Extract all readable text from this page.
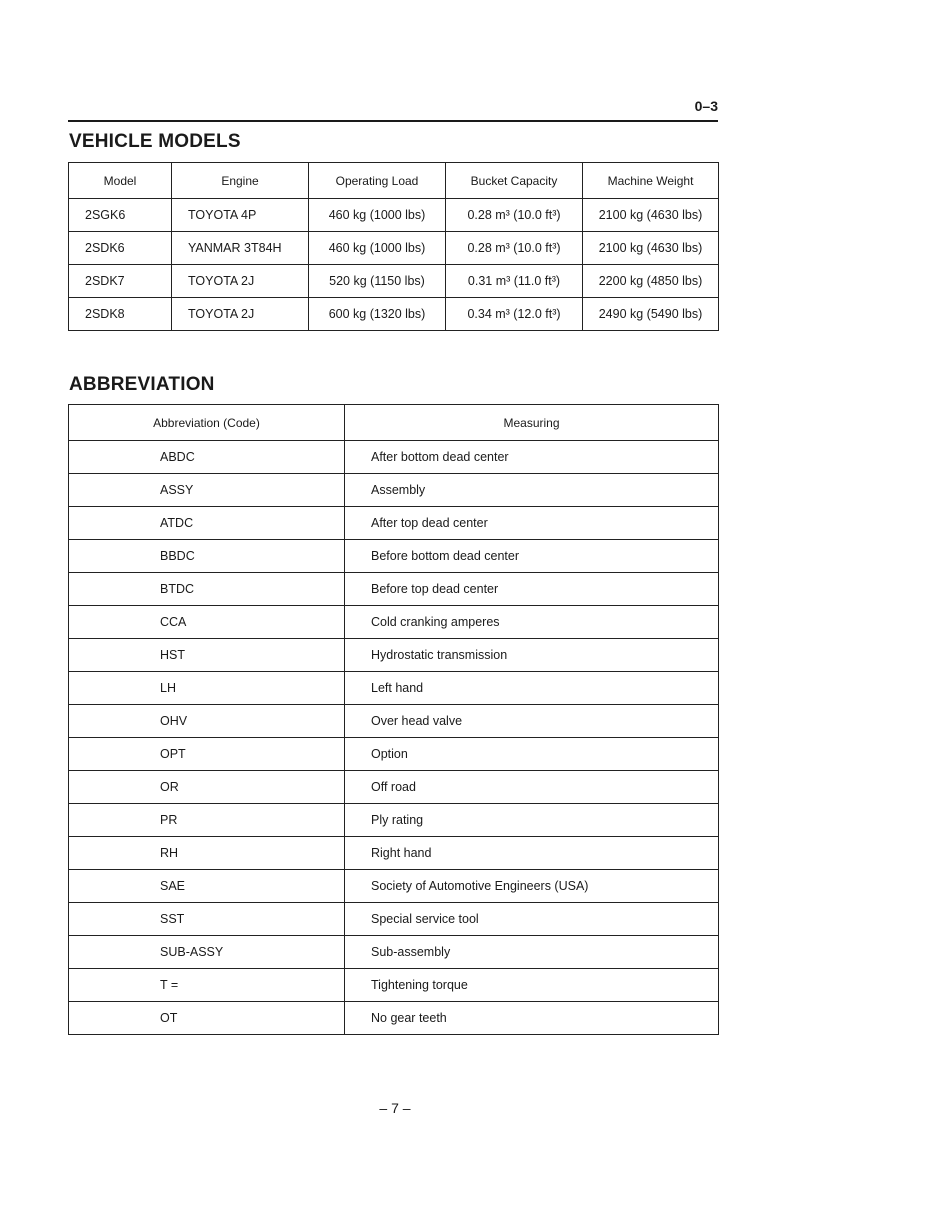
0–3
VEHICLE MODELS
Model	Engine	Operating Load	Bucket Capacity	Machine Weight
2SGK6	TOYOTA 4P	460 kg (1000 lbs)	0.28 m³ (10.0 ft³)	2100 kg (4630 lbs)
2SDK6	YANMAR 3T84H	460 kg (1000 lbs)	0.28 m³ (10.0 ft³)	2100 kg (4630 lbs)
2SDK7	TOYOTA 2J	520 kg (1150 lbs)	0.31 m³ (11.0 ft³)	2200 kg (4850 lbs)
2SDK8	TOYOTA 2J	600 kg (1320 lbs)	0.34 m³ (12.0 ft³)	2490 kg (5490 lbs)
ABBREVIATION
Abbreviation (Code)	Measuring
ABDC	After bottom dead center
ASSY	Assembly
ATDC	After top dead center
BBDC	Before bottom dead center
BTDC	Before top dead center
CCA	Cold cranking amperes
HST	Hydrostatic transmission
LH	Left hand
OHV	Over head valve
OPT	Option
OR	Off road
PR	Ply rating
RH	Right hand
SAE	Society of Automotive Engineers (USA)
SST	Special service tool
SUB-ASSY	Sub-assembly
T =	Tightening torque
OT	No gear teeth
– 7 –
